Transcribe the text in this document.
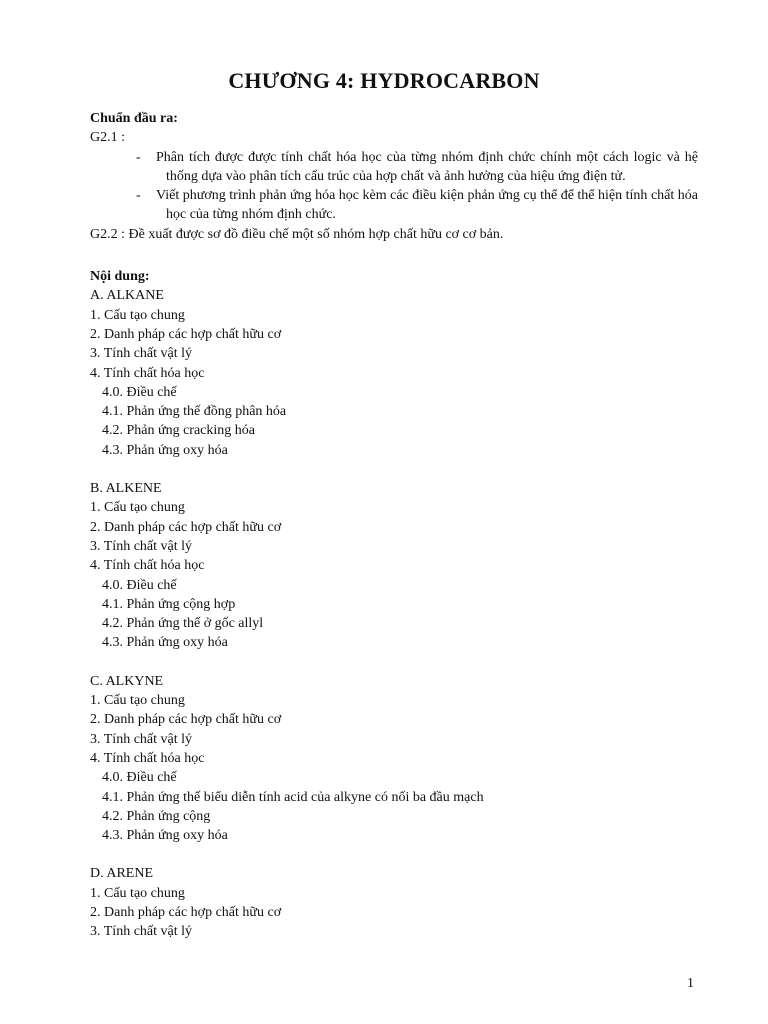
CHƯƠNG 4: HYDROCARBON
Chuẩn đầu ra:
G2.1 :
- Phân tích được được tính chất hóa học của từng nhóm định chức chính một cách logic và hệ thống dựa vào phân tích cấu trúc của hợp chất và ảnh hưởng của hiệu ứng điện tử.
- Viết phương trình phản ứng hóa học kèm các điều kiện phản ứng cụ thể để thể hiện tính chất hóa học của từng nhóm định chức.
G2.2 : Đề xuất được sơ đồ điều chế một số nhóm hợp chất hữu cơ cơ bản.
Nội dung:
A. ALKANE
1. Cấu tạo chung
2. Danh pháp các hợp chất hữu cơ
3. Tính chất vật lý
4. Tính chất hóa học
4.0. Điều chế
4.1. Phản ứng thế đồng phân hóa
4.2. Phản ứng cracking hóa
4.3. Phản ứng oxy hóa
B. ALKENE
1. Cấu tạo chung
2. Danh pháp các hợp chất hữu cơ
3. Tính chất vật lý
4. Tính chất hóa học
4.0. Điều chế
4.1. Phản ứng cộng hợp
4.2. Phản ứng thế ở gốc allyl
4.3. Phản ứng oxy hóa
C. ALKYNE
1. Cấu tạo chung
2. Danh pháp các hợp chất hữu cơ
3. Tính chất vật lý
4. Tính chất hóa học
4.0. Điều chế
4.1. Phản ứng thế biểu diễn tính acid của alkyne có nối ba đầu mạch
4.2. Phản ứng cộng
4.3. Phản ứng oxy hóa
D. ARENE
1. Cấu tạo chung
2. Danh pháp các hợp chất hữu cơ
3. Tính chất vật lý
1
